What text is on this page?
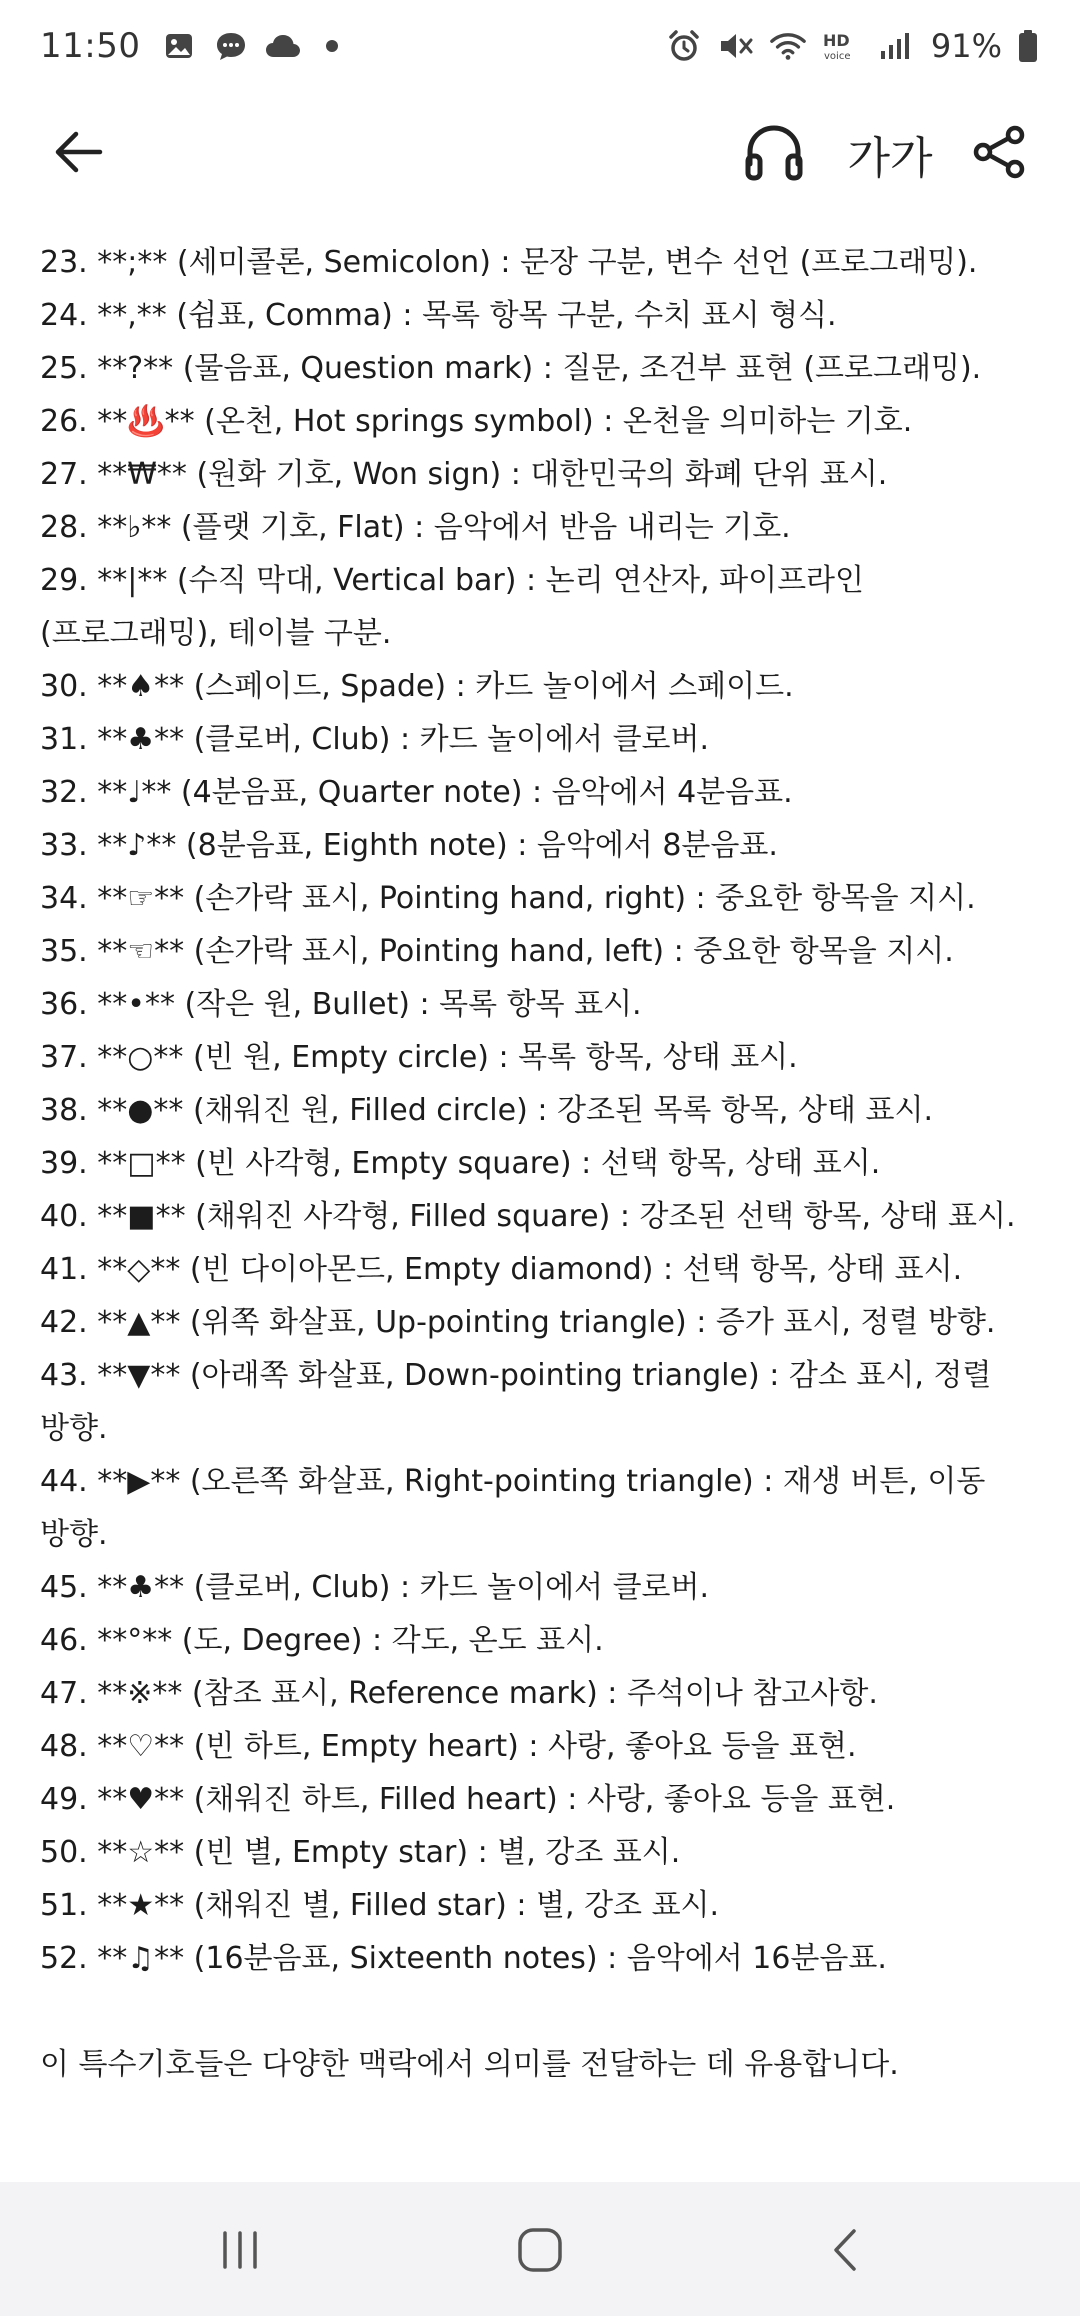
11:50	HD
voice	91%
가가
23. **;** (세미콜론, Semicolon) : 문장 구분, 변수 선언 (프로그래밍).
24. **,** (쉼표, Comma) : 목록 항목 구분, 수치 표시 형식.
25. **?** (물음표, Question mark) : 질문, 조건부 표현 (프로그래밍).
26. **♨️** (온천, Hot springs symbol) : 온천을 의미하는 기호.
27. **₩** (원화 기호, Won sign) : 대한민국의 화폐 단위 표시.
28. **♭** (플랫 기호, Flat) : 음악에서 반음 내리는 기호.
29. **|** (수직 막대, Vertical bar) : 논리 연산자, 파이프라인 (프로그래밍), 테이블 구분.
30. **♠** (스페이드, Spade) : 카드 놀이에서 스페이드.
31. **♣** (클로버, Club) : 카드 놀이에서 클로버.
32. **♩** (4분음표, Quarter note) : 음악에서 4분음표.
33. **♪** (8분음표, Eighth note) : 음악에서 8분음표.
34. **☞** (손가락 표시, Pointing hand, right) : 중요한 항목을 지시.
35. **☜** (손가락 표시, Pointing hand, left) : 중요한 항목을 지시.
36. **•** (작은 원, Bullet) : 목록 항목 표시.
37. **○** (빈 원, Empty circle) : 목록 항목, 상태 표시.
38. **●** (채워진 원, Filled circle) : 강조된 목록 항목, 상태 표시.
39. **□** (빈 사각형, Empty square) : 선택 항목, 상태 표시.
40. **■** (채워진 사각형, Filled square) : 강조된 선택 항목, 상태 표시.
41. **◇** (빈 다이아몬드, Empty diamond) : 선택 항목, 상태 표시.
42. **▲** (위쪽 화살표, Up-pointing triangle) : 증가 표시, 정렬 방향.
43. **▼** (아래쪽 화살표, Down-pointing triangle) : 감소 표시, 정렬 방향.
44. **▶** (오른쪽 화살표, Right-pointing triangle) : 재생 버튼, 이동 방향.
45. **♣** (클로버, Club) : 카드 놀이에서 클로버.
46. **°** (도, Degree) : 각도, 온도 표시.
47. **※** (참조 표시, Reference mark) : 주석이나 참고사항.
48. **♡** (빈 하트, Empty heart) : 사랑, 좋아요 등을 표현.
49. **♥** (채워진 하트, Filled heart) : 사랑, 좋아요 등을 표현.
50. **☆** (빈 별, Empty star) : 별, 강조 표시.
51. **★** (채워진 별, Filled star) : 별, 강조 표시.
52. **♫** (16분음표, Sixteenth notes) : 음악에서 16분음표.
이 특수기호들은 다양한 맥락에서 의미를 전달하는 데 유용합니다.
